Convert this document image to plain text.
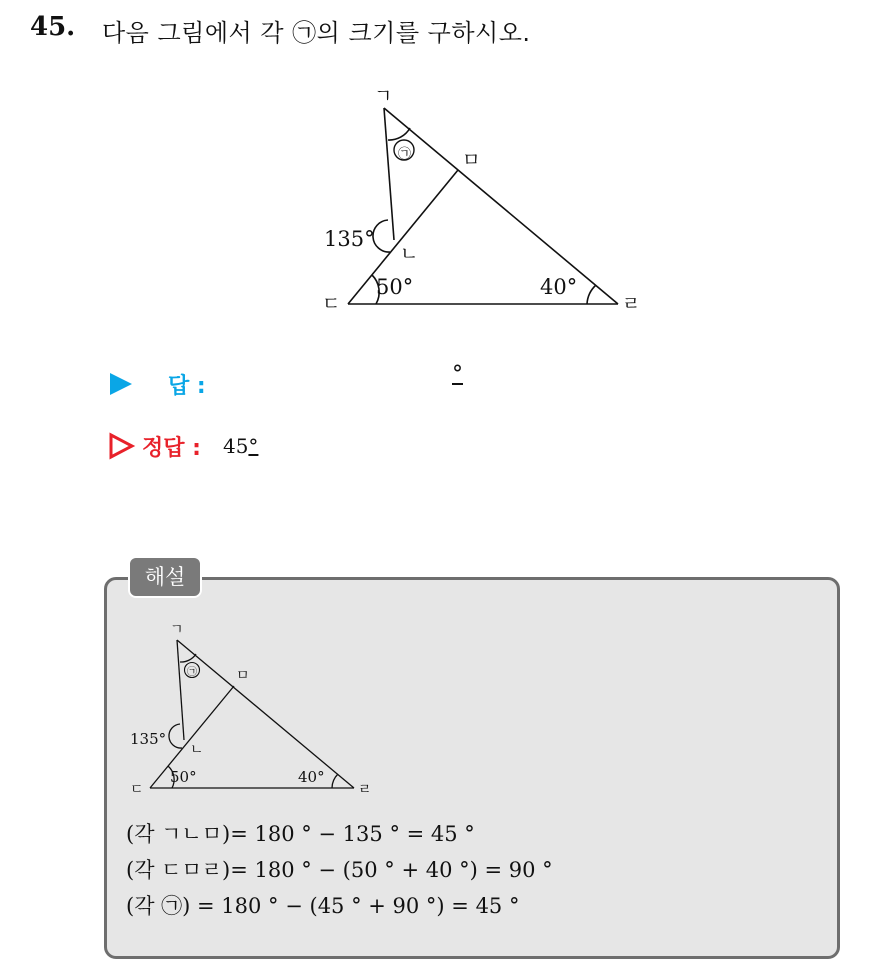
45. 다음 그림에서 각 ㉠의 크기를 구하시오.
ㄱ
㉠	ㅁ
ㄴ
ㄷ	ㄹ
135°
50°	40°
답 :	°
정답 : 45°
해설
ㄱ
㉠	ㅁ
ㄴ
ㄷ	ㄹ
135°
50°	40°
(각 ㄱㄴㅁ)= 180 ° − 135 ° = 45 °
(각 ㄷㅁㄹ)= 180 ° − (50 ° + 40 °) = 90 °
(각 ㉠) = 180 ° − (45 ° + 90 °) = 45 °
